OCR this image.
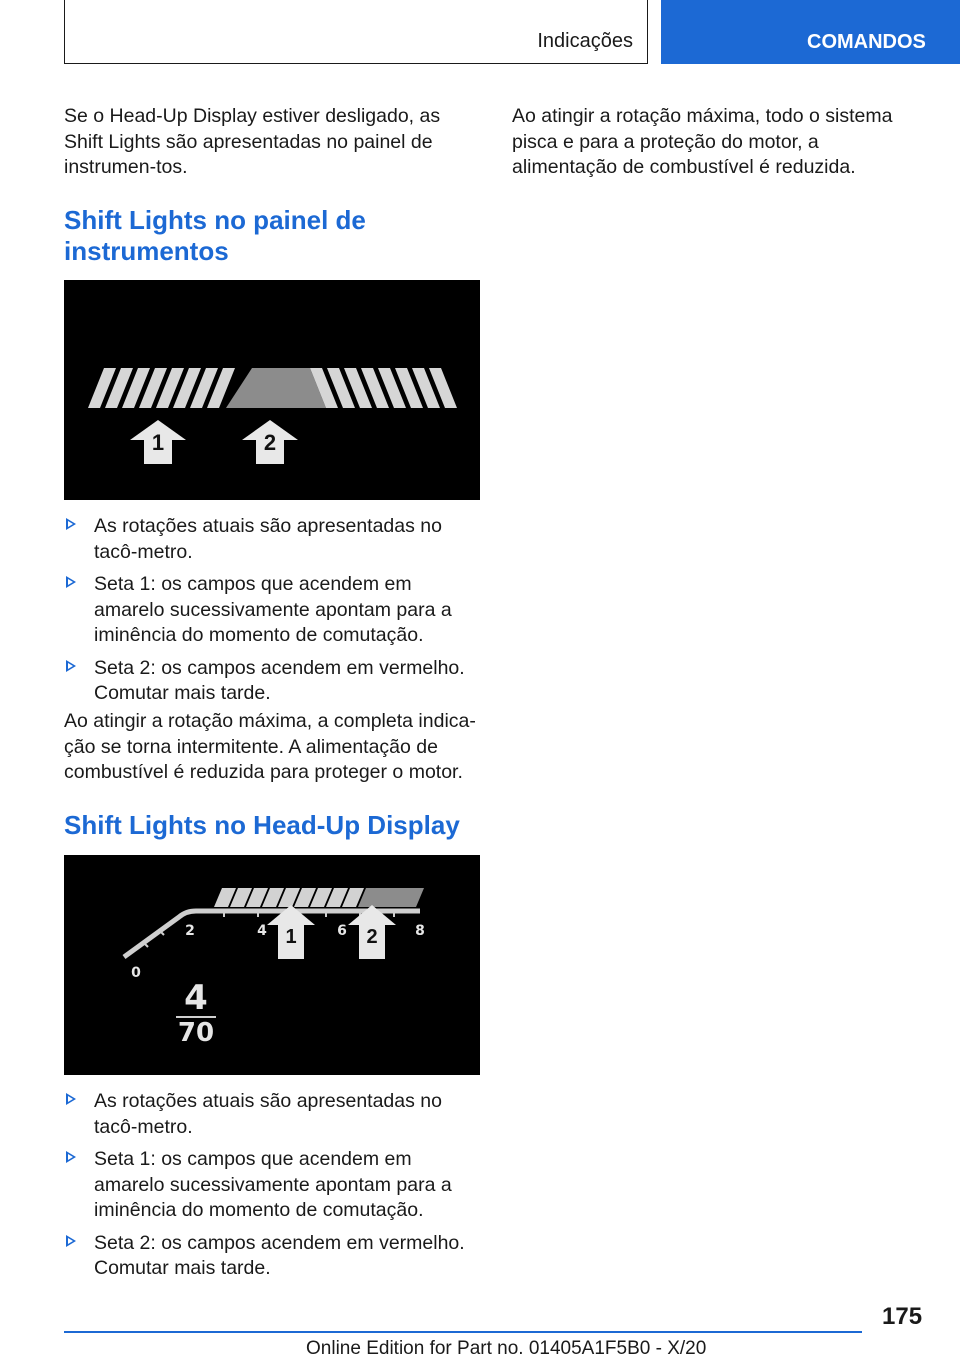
Indicações	COMANDOS

Se o Head-Up Display estiver desligado, as Shift Lights são apresentadas no painel de instrumen-tos.

Shift Lights no painel de instrumentos
1	2
As rotações atuais são apresentadas no tacô-metro.
Seta 1: os campos que acendem em amarelo sucessivamente apontam para a iminência do momento de comutação.
Seta 2: os campos acendem em vermelho. Comutar mais tarde.

Ao atingir a rotação máxima, a completa indica-ção se torna intermitente. A alimentação de combustível é reduzida para proteger o motor.

Shift Lights no Head-Up Display
0
2	4	6	8
1	2
4
70
As rotações atuais são apresentadas no tacô-metro.
Seta 1: os campos que acendem em amarelo sucessivamente apontam para a iminência do momento de comutação.
Seta 2: os campos acendem em vermelho. Comutar mais tarde.

Ao atingir a rotação máxima, todo o sistema pisca e para a proteção do motor, a alimentação de combustível é reduzida.

175
Online Edition for Part no. 01405A1F5B0 - X/20
